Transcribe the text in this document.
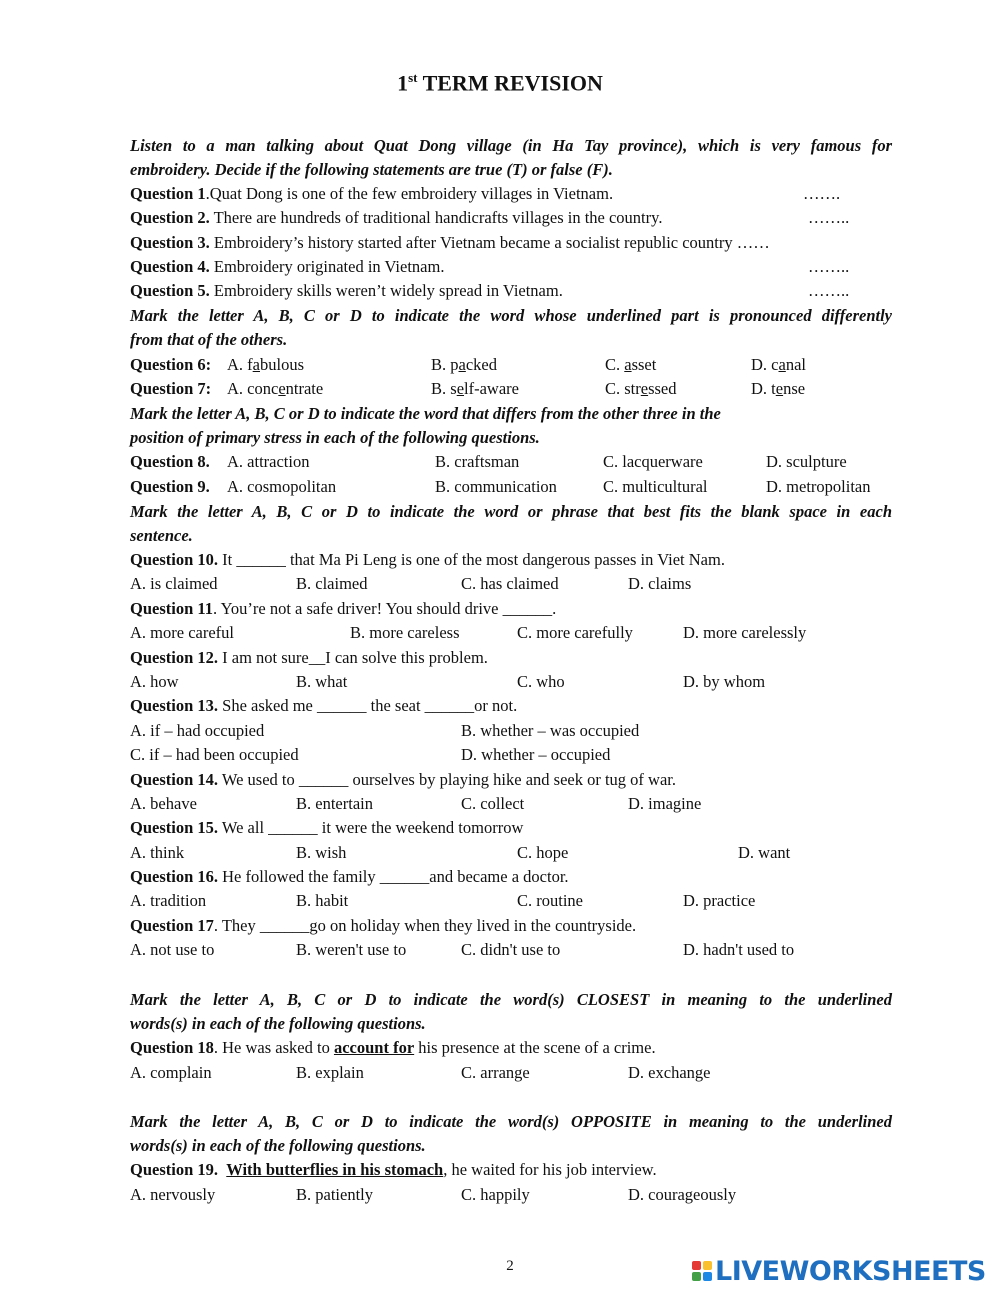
1st TERM REVISION
Listen to a man talking about Quat Dong village (in Ha Tay province), which is very famous for
embroidery. Decide if the following statements are true (T) or false (F).
Question 1.Quat Dong is one of the few embroidery villages in Vietnam.	…….
Question 2. There are hundreds of traditional handicrafts villages in the country.	……..
Question 3. Embroidery’s history started after Vietnam became a socialist republic country ……
Question 4. Embroidery originated in Vietnam.	……..
Question 5. Embroidery skills weren’t widely spread in Vietnam.	……..
Mark the letter A, B, C or D to indicate the word whose underlined part is pronounced differently
from that of the others.
Question 6: A. fabulous	B. packed	C. asset	D. canal
Question 7: A. concentrate	B. self-aware	C. stressed	D. tense
Mark the letter A, B, C or D to indicate the word that differs from the other three in the
position of primary stress in each of the following questions.
Question 8. A. attraction	B. craftsman	C. lacquerware	D. sculpture
Question 9. A. cosmopolitan	B. communication	C. multicultural	D. metropolitan
Mark the letter A, B, C or D to indicate the word or phrase that best fits the blank space in each
sentence.
Question 10. It ______ that Ma Pi Leng is one of the most dangerous passes in Viet Nam.
A. is claimed	B. claimed	C. has claimed	D. claims
Question 11. You’re not a safe driver! You should drive ______.
A. more careful	B. more careless	C. more carefully	D. more carelessly
Question 12. I am not sure__I can solve this problem.
A. how	B. what	C. who	D. by whom
Question 13. She asked me ______ the seat ______or not.
A. if – had occupied	B. whether – was occupied
C. if – had been occupied	D. whether – occupied
Question 14. We used to ______ ourselves by playing hike and seek or tug of war.
A. behave	B. entertain	C. collect	D. imagine
Question 15. We all ______ it were the weekend tomorrow
A. think	B. wish	C. hope	D. want
Question 16. He followed the family ______and became a doctor.
A. tradition	B. habit	C. routine	D. practice
Question 17. They ______go on holiday when they lived in the countryside.
A. not use to	B. weren't use to	C. didn't use to	D. hadn't used to
Mark the letter A, B, C or D to indicate the word(s) CLOSEST in meaning to the underlined
words(s) in each of the following questions.
Question 18. He was asked to account for his presence at the scene of a crime.
A. complain	B. explain	C. arrange	D. exchange
Mark the letter A, B, C or D to indicate the word(s) OPPOSITE in meaning to the underlined
words(s) in each of the following questions.
Question 19. With butterflies in his stomach, he waited for his job interview.
A. nervously	B. patiently	C. happily	D. courageously
2	LIVEWORKSHEETS
